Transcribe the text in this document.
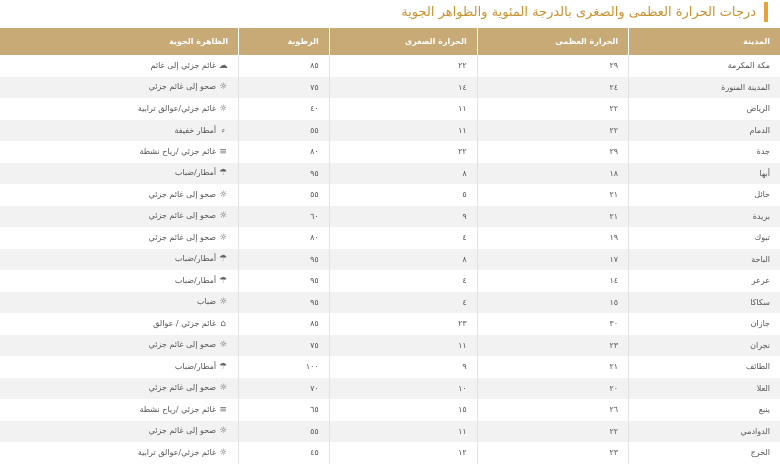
درجات الحرارة العظمى والصغرى بالدرجة المئوية والظواهر الجوية
المدينة	الحرارة العظمى	الحرارة الصغرى	الرطوبة	الظاهرة الجوية
مكة المكرمة	٢٩	٢٢	٨٥	☁غائم جزئي إلى غائم
المدينة المنورة	٢٤	١٤	٧٥	☼صحو إلى غائم جزئي
الرياض	٢٢	١١	٤٠	☼غائم جزئي/عوالق ترابية
الدمام	٢٢	١١	٥٥	⸗أمطار خفيفة
جدة	٢٩	٢٢	٨٠	≡غائم جزئي /رياح نشطة
أبها	١٨	٨	٩٥	☂أمطار/ضباب
حائل	٢١	٥	٥٥	☼صحو إلى غائم جزئي
بريدة	٢١	٩	٦٠	☼صحو إلى غائم جزئي
تبوك	١٩	٤	٨٠	☼صحو إلى غائم جزئي
الباحة	١٧	٨	٩٥	☂أمطار/ضباب
عرعر	١٤	٤	٩٥	☂أمطار/ضباب
سكاكا	١٥	٤	٩٥	☼ضباب
جازان	٣٠	٢٣	٨٥	⌂غائم جزئي / عوالق
نجران	٢٣	١١	٧٥	☼صحو إلى غائم جزئي
الطائف	٢١	٩	١٠٠	☂أمطار/ضباب
العلا	٢٠	١٠	٧٠	☼صحو إلى غائم جزئي
ينبع	٢٦	١٥	٦٥	≡غائم جزئي /رياح نشطة
الدوادمي	٢٢	١١	٥٥	☼صحو إلى غائم جزئي
الخرج	٢٣	١٢	٤٥	☼غائم جزئي/عوالق ترابية
